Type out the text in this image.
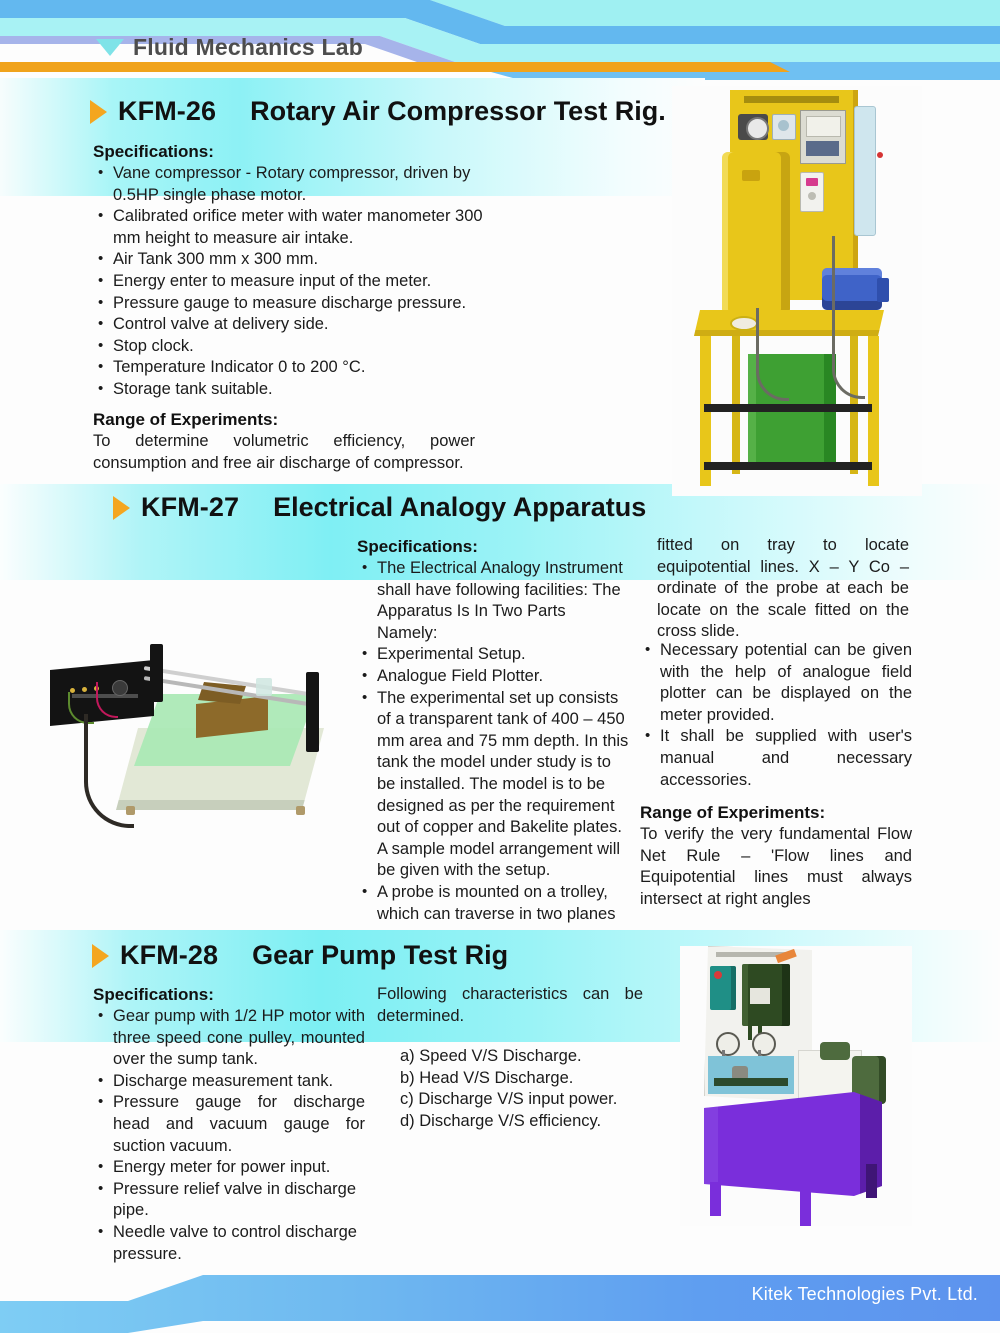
Fluid Mechanics Lab
KFM-26 Rotary Air Compressor Test Rig.
Specifications:
• Vane compressor - Rotary compressor, driven by 0.5HP single phase motor.
• Calibrated orifice meter with water manometer 300 mm height to measure air intake.
• Air Tank 300 mm x 300 mm.
• Energy enter to measure input of the meter.
• Pressure gauge to measure discharge pressure.
• Control valve at delivery side.
• Stop clock.
• Temperature Indicator 0 to 200 °C.
• Storage tank suitable.
Range of Experiments:
To determine volumetric efficiency, power consumption and free air discharge of compressor.
KFM-27 Electrical Analogy Apparatus
Specifications:
• The Electrical Analogy Instrument shall have following facilities: The Apparatus Is In Two Parts Namely:
• Experimental Setup.
• Analogue Field Plotter.
• The experimental set up consists of a transparent tank of 400 – 450 mm area and 75 mm depth. In this tank the model under study is to be installed. The model is to be designed as per the requirement out of copper and Bakelite plates. A sample model arrangement will be given with the setup.
• A probe is mounted on a trolley, which can traverse in two planes
fitted on tray to locate equipotential lines. X – Y Co – ordinate of the probe at each be locate on the scale fitted on the cross slide.
• Necessary potential can be given with the help of analogue field plotter can be displayed on the meter provided.
• It shall be supplied with user's manual and necessary accessories.
Range of Experiments:
To verify the very fundamental Flow Net Rule – 'Flow lines and Equipotential lines must always intersect at right angles
KFM-28 Gear Pump Test Rig
Specifications:
• Gear pump with 1/2 HP motor with three speed cone pulley, mounted over the sump tank.
• Discharge measurement tank.
• Pressure gauge for discharge head and vacuum gauge for suction vacuum.
• Energy meter for power input.
• Pressure relief valve in discharge pipe.
• Needle valve to control discharge pressure.
Following characteristics can be determined.
a) Speed V/S Discharge.
b) Head V/S Discharge.
c) Discharge V/S input power.
d) Discharge V/S efficiency.
Kitek Technologies Pvt. Ltd.
